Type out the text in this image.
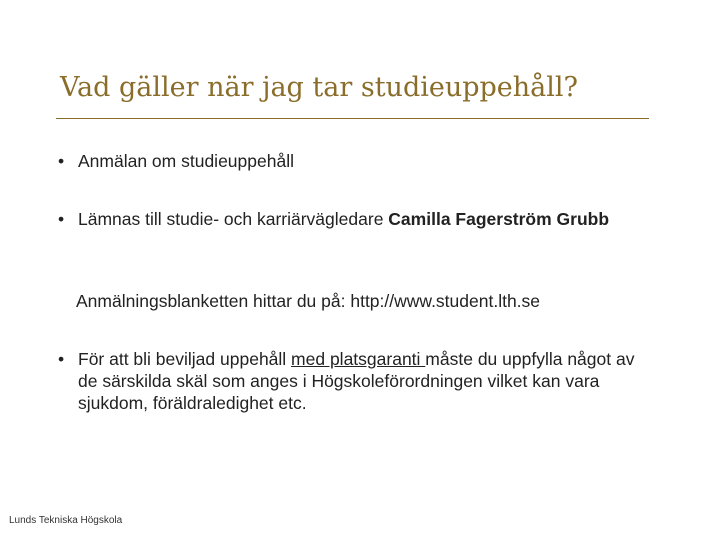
Vad gäller när jag tar studieuppehåll?
• Anmälan om studieuppehåll
• Lämnas till studie- och karriärvägledare Camilla Fagerström Grubb
Anmälningsblanketten hittar du på: http://www.student.lth.se
• För att bli beviljad uppehåll med platsgaranti måste du uppfylla något av de särskilda skäl som anges i Högskoleförordningen vilket kan vara sjukdom, föräldraledighet etc.
Lunds Tekniska Högskola
